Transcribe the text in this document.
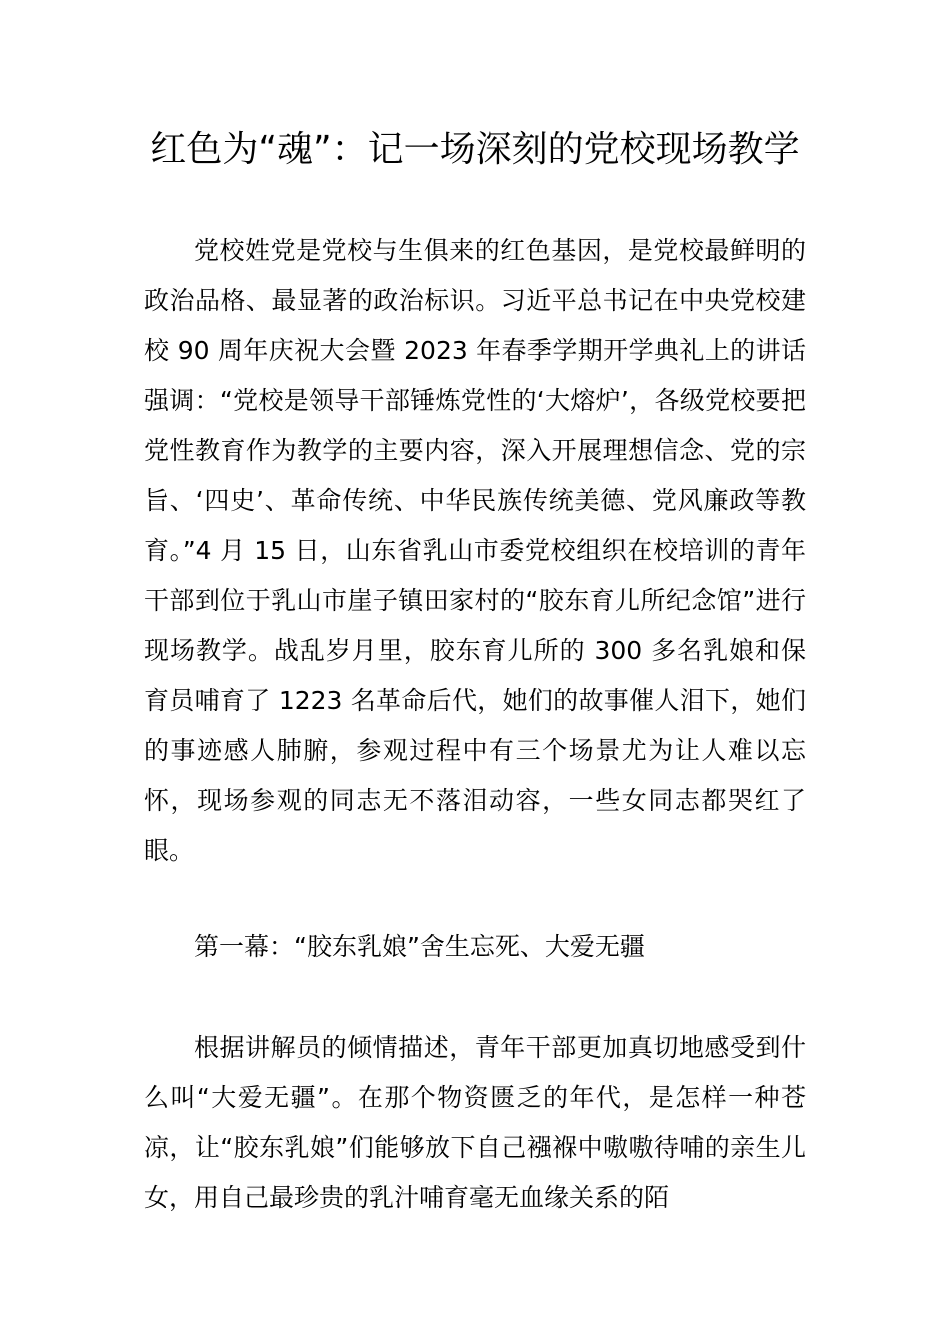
红色为“魂”：记一场深刻的党校现场教学

党校姓党是党校与生俱来的红色基因，是党校最鲜明的政治品格、最显著的政治标识。习近平总书记在中央党校建校 90 周年庆祝大会暨 2023 年春季学期开学典礼上的讲话强调：“党校是领导干部锤炼党性的‘大熔炉’，各级党校要把党性教育作为教学的主要内容，深入开展理想信念、党的宗旨、‘四史’、革命传统、中华民族传统美德、党风廉政等教育。”4 月 15 日，山东省乳山市委党校组织在校培训的青年干部到位于乳山市崖子镇田家村的“胶东育儿所纪念馆”进行现场教学。战乱岁月里，胶东育儿所的 300 多名乳娘和保育员哺育了 1223 名革命后代，她们的故事催人泪下，她们的事迹感人肺腑，参观过程中有三个场景尤为让人难以忘怀，现场参观的同志无不落泪动容，一些女同志都哭红了眼。

第一幕：“胶东乳娘”舍生忘死、大爱无疆

根据讲解员的倾情描述，青年干部更加真切地感受到什么叫“大爱无疆”。在那个物资匮乏的年代，是怎样一种苍凉，让“胶东乳娘”们能够放下自己襁褓中嗷嗷待哺的亲生儿女，用自己最珍贵的乳汁哺育毫无血缘关系的陌
